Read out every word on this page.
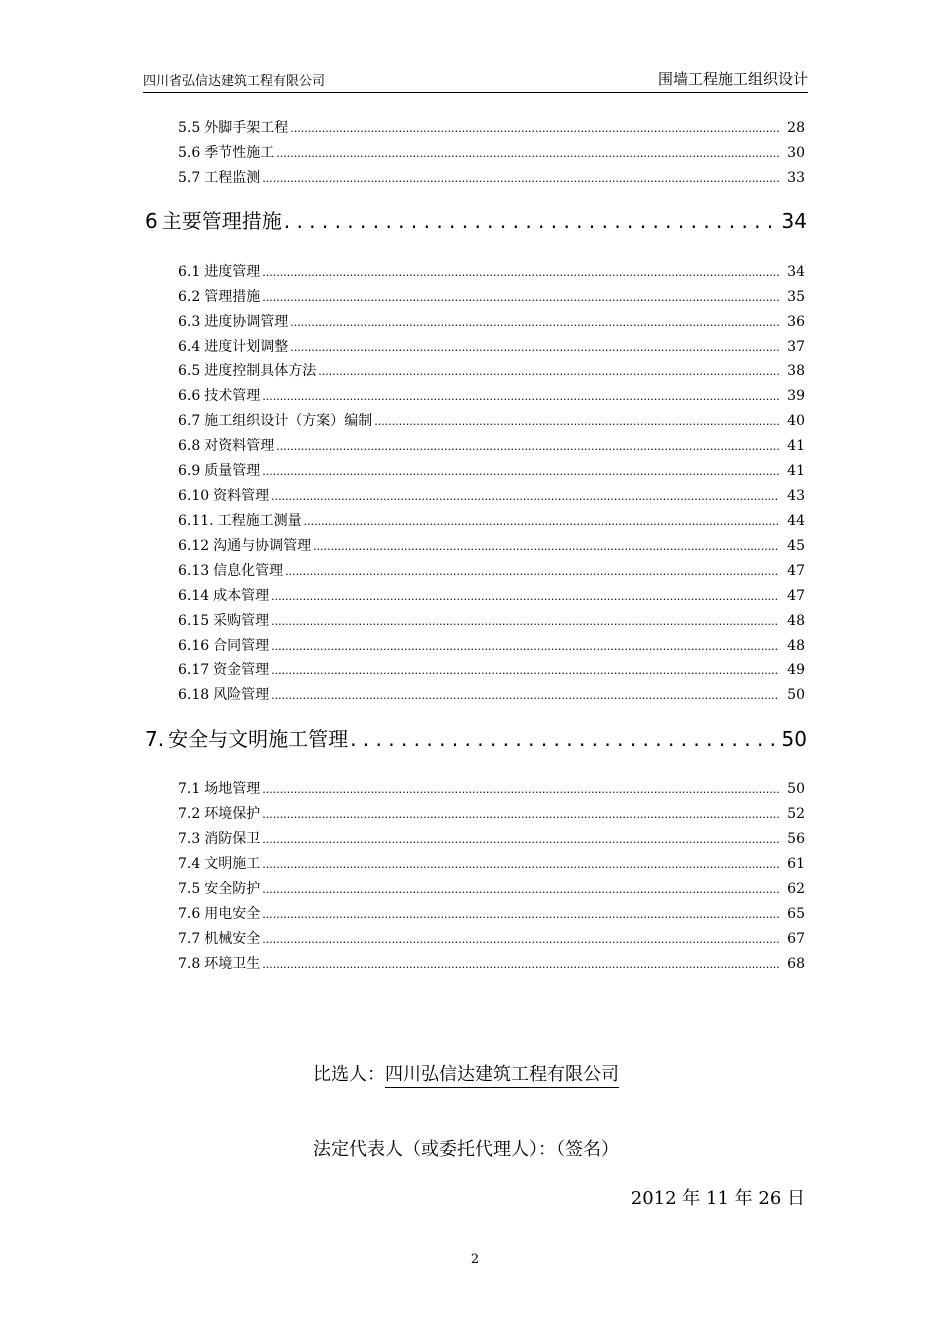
四川省弘信达建筑工程有限公司	围墙工程施工组织设计
5.5 外脚手架工程 .....	28
5.6 季节性施工 .....	30
5.7 工程监测 .....	33
6 主要管理措施 . . .	34
6.1 进度管理 .....	34
6.2 管理措施 .....	35
6.3 进度协调管理 .....	36
6.4 进度计划调整 .....	37
6.5 进度控制具体方法 .....	38
6.6 技术管理 .....	39
6.7 施工组织设计（方案）编制 .....	40
6.8 对资料管理 .....	41
6.9 质量管理 .....	41
6.10 资料管理 .....	43
6.11. 工程施工测量 .....	44
6.12 沟通与协调管理 .....	45
6.13 信息化管理 .....	47
6.14 成本管理 .....	47
6.15 采购管理 .....	48
6.16 合同管理 .....	48
6.17 资金管理 .....	49
6.18 风险管理 .....	50
7. 安全与文明施工管理 . . .	50
7.1 场地管理 .....	50
7.2 环境保护 .....	52
7.3 消防保卫 .....	56
7.4 文明施工 .....	61
7.5 安全防护 .....	62
7.6 用电安全 .....	65
7.7 机械安全 .....	67
7.8 环境卫生 .....	68
比选人：四川弘信达建筑工程有限公司
法定代表人（或委托代理人）：（签名）
2012 年 11 年 26 日
2
